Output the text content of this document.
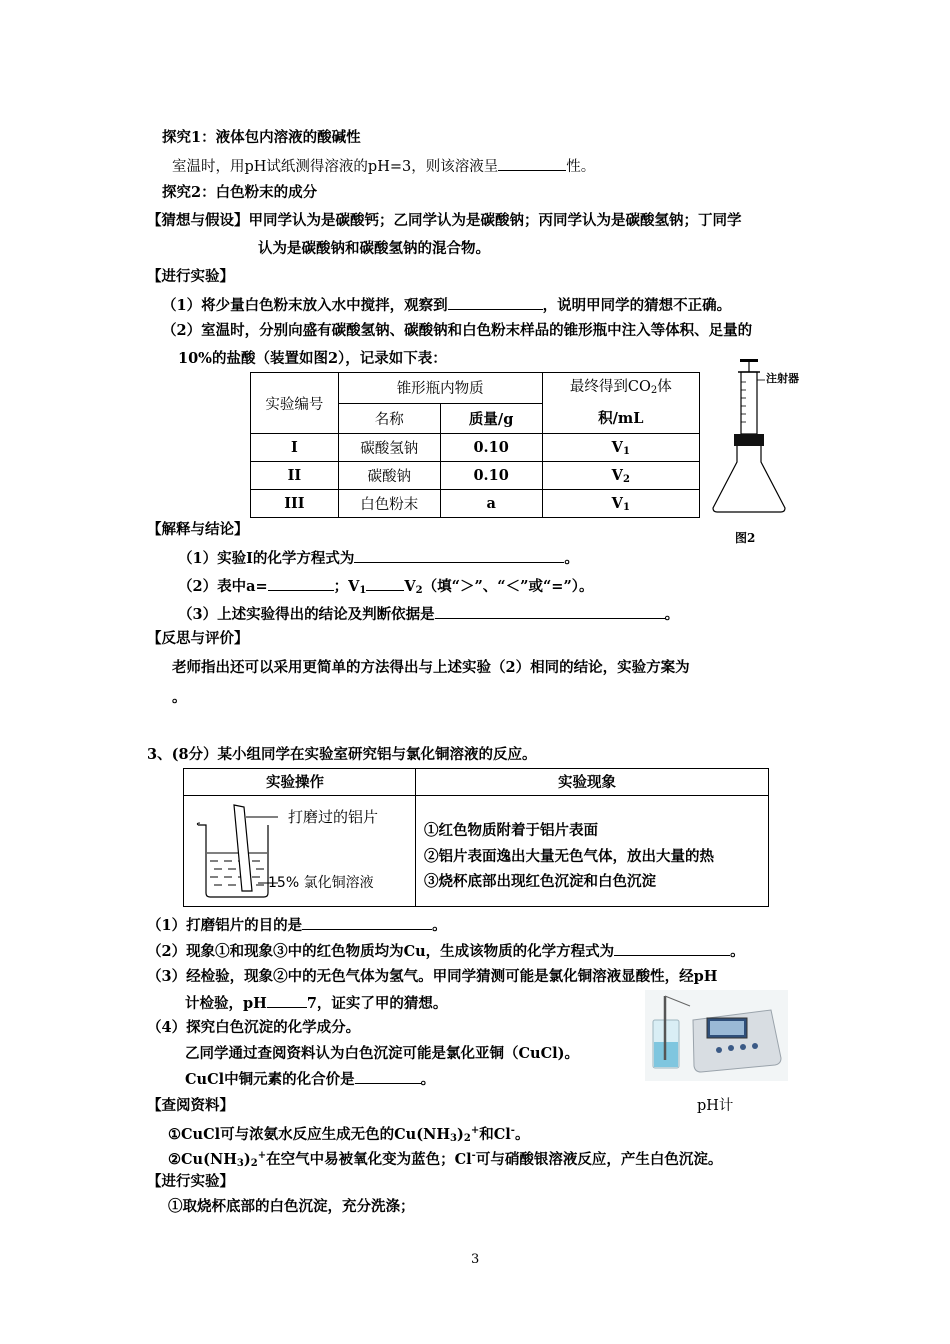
探究1：液体包内溶液的酸碱性
室温时，用pH试纸测得溶液的pH=3，则该溶液呈	性。
探究2：白色粉末的成分
【猜想与假设】甲同学认为是碳酸钙；乙同学认为是碳酸钠；丙同学认为是碳酸氢钠；丁同学
认为是碳酸钠和碳酸氢钠的混合物。
【进行实验】
（1）将少量白色粉末放入水中搅拌，观察到	，说明甲同学的猜想不正确。
（2）室温时，分别向盛有碳酸氢钠、碳酸钠和白色粉末样品的锥形瓶中注入等体积、足量的
10%的盐酸（装置如图2），记录如下表：
实验编号	锥形瓶内物质		最终得到$CO_2$体
积/mL
	名称	质量/g	
I	碳酸氢钠	0.10	$V_1$
II	碳酸钠	0.10	$V_2$
III	白色粉末	a	$V_1$
注射器
图2
【解释与结论】
（1）实验I的化学方程式为	。
（2）表中a=	；$V_1$	$V_2$（填“＞”、“＜”或“=”）。
（3）上述实验得出的结论及判断依据是	。
【反思与评价】
老师指出还可以采用更简单的方法得出与上述实验（2）相同的结论，实验方案为
。
3、(8分）某小组同学在实验室研究铝与氯化铜溶液的反应。
实验操作	实验现象
打磨过的铝片
15% 氯化铜溶液
①红色物质附着于铝片表面
②铝片表面逸出大量无色气体，放出大量的热
③烧杯底部出现红色沉淀和白色沉淀
（1）打磨铝片的目的是	。
（2）现象①和现象③中的红色物质均为Cu，生成该物质的化学方程式为	。
（3）经检验，现象②中的无色气体为氢气。甲同学猜测可能是氯化铜溶液显酸性，经pH
计检验，pH	7，证实了甲的猜想。
（4）探究白色沉淀的化学成分。
乙同学通过查阅资料认为白色沉淀可能是氯化亚铜（CuCl)。
CuCl中铜元素的化合价是	。
pH计
【查阅资料】
①CuCl可与浓氨水反应生成无色的$Cu(NH_3)_2^+$和Cl-。
$②Cu(NH_3)_2^+$在空气中易被氧化变为蓝色；Cl-可与硝酸银溶液反应，产生白色沉淀。
【进行实验】
①取烧杯底部的白色沉淀，充分洗涤；
3
